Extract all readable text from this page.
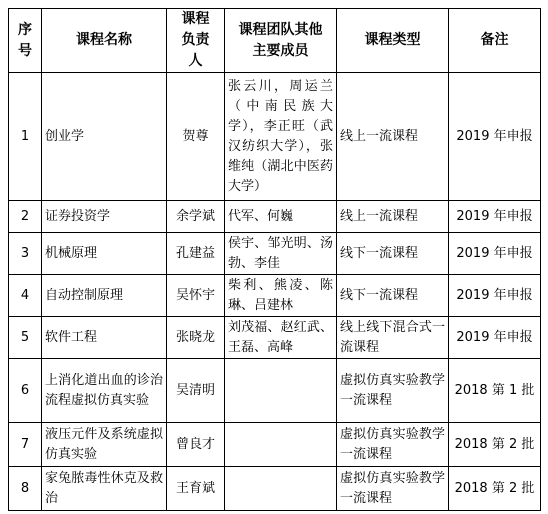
序号	课程名称	课程负责人	课程团队其他主要成员	课程类型	备注
1	创业学	贺尊	张云川，周运兰（中南民族大学），李正旺（武汉纺织大学），张维纯（湖北中医药大学）	线上一流课程	2019 年申报
2	证券投资学	余学斌	代军、何巍	线上一流课程	2019 年申报
3	机械原理	孔建益	侯宇、邹光明、汤勃、李佳	线下一流课程	2019 年申报
4	自动控制原理	吴怀宇	柴利、熊凌、陈琳、吕建林	线下一流课程	2019 年申报
5	软件工程	张晓龙	刘茂福、赵红武、王磊、高峰	线上线下混合式一流课程	2019 年申报
6	上消化道出血的诊治流程虚拟仿真实验	吴清明		虚拟仿真实验教学一流课程	2018 第 1 批
7	液压元件及系统虚拟仿真实验	曾良才		虚拟仿真实验教学一流课程	2018 第 2 批
8	家兔脓毒性休克及救治	王育斌		虚拟仿真实验教学一流课程	2018 第 2 批
